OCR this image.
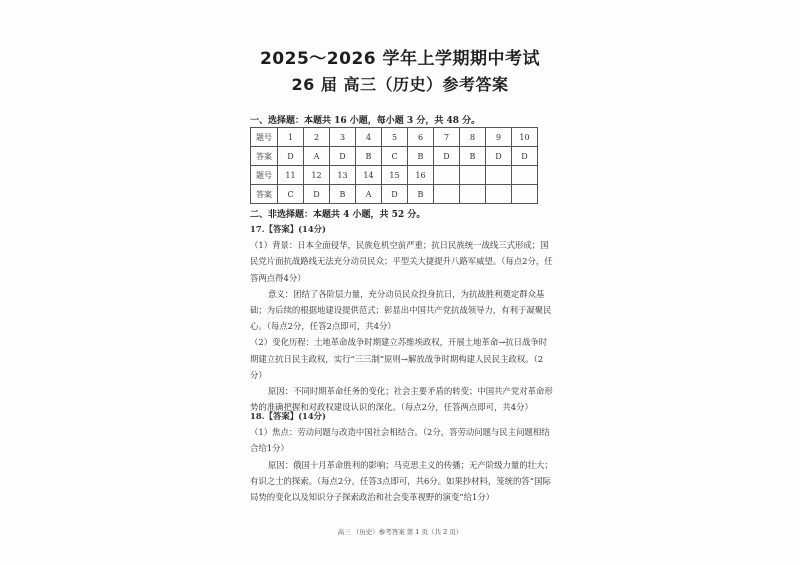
2025～2026 学年上学期期中考试
26 届 高三（历史）参考答案
一、选择题：本题共 16 小题，每小题 3 分，共 48 分。
题号	1	2	3	4	5	6	7	8	9	10
答案	D	A	D	B	C	B	D	B	D	D
题号	11	12	13	14	15	16				
答案	C	D	B	A	D	B				
二、非选择题：本题共 4 小题，共 52 分。

17.【答案】(14分)

（1）背景：日本全面侵华，民族危机空前严重；抗日民族统一战线三式形成；国民党片面抗战路线无法充分动员民众；平型关大捷提升八路军威望。（每点2分，任答两点得4分）

意义：团结了各阶层力量，充分动员民众投身抗日，为抗战胜利奠定群众基础；为后续的根据地建设提供范式；彰显出中国共产党抗战领导力，有利于凝聚民心。（每点2分，任答2点即可，共4分）

（2）变化历程：土地革命战争时期建立苏维埃政权，开展土地革命→抗日战争时期建立抗日民主政权，实行“三三制”原则→解放战争时期构建人民民主政权。（2分）

原因：不同时期革命任务的变化；社会主要矛盾的转变；中国共产党对革命形势的准确把握和对政权建设认识的深化。（每点2分，任答两点即可，共4分）

18.【答案】(14分)

（1）焦点：劳动问题与改造中国社会相结合。（2分，答劳动问题与民主问题相结合给1分）

原因：俄国十月革命胜利的影响；马克思主义的传播；无产阶级力量的壮大；有识之士的探索。（每点2分，任答3点即可，共6分。如果抄材料，笼统的答“国际局势的变化以及知识分子探索政治和社会变革视野的演变”给1分）

高三 （历史）参考答案 第 1 页（共 2 页）
